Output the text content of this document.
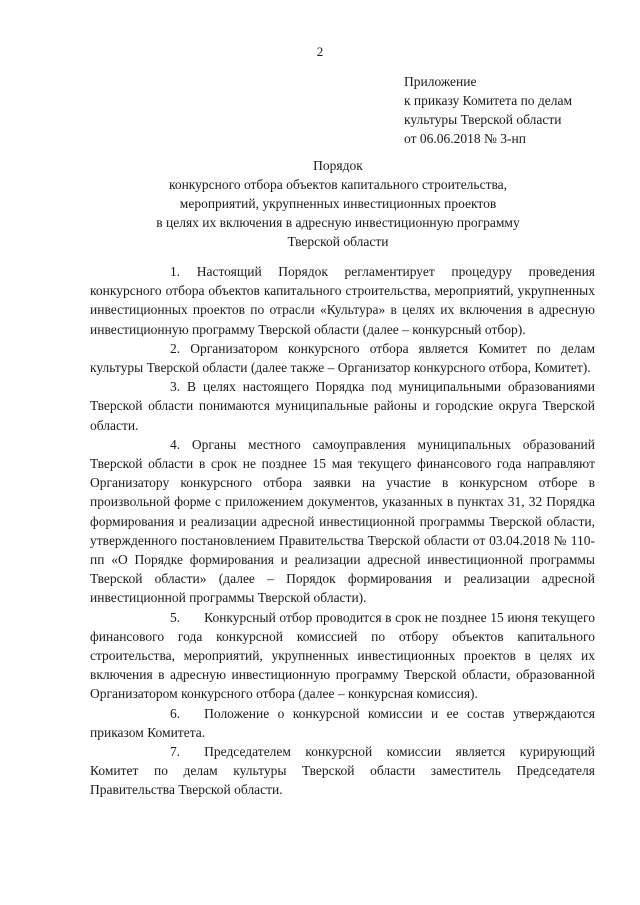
2
Приложение
к приказу Комитета по делам
культуры Тверской области
от 06.06.2018 № 3-нп
Порядок
конкурсного отбора объектов капитального строительства,
мероприятий, укрупненных инвестиционных проектов
в целях их включения в адресную инвестиционную программу
Тверской области

1. Настоящий Порядок регламентирует процедуру проведения конкурсного отбора объектов капитального строительства, мероприятий, укрупненных инвестиционных проектов по отрасли «Культура» в целях их включения в адресную инвестиционную программу Тверской области (далее – конкурсный отбор).

2. Организатором конкурсного отбора является Комитет по делам культуры Тверской области (далее также – Организатор конкурсного отбора, Комитет).

3. В целях настоящего Порядка под муниципальными образованиями Тверской области понимаются муниципальные районы и городские округа Тверской области.

4. Органы местного самоуправления муниципальных образований Тверской области в срок не позднее 15 мая текущего финансового года направляют Организатору конкурсного отбора заявки на участие в конкурсном отборе в произвольной форме с приложением документов, указанных в пунктах 31, 32 Порядка формирования и реализации адресной инвестиционной программы Тверской области, утвержденного постановлением Правительства Тверской области от 03.04.2018 № 110-пп «О Порядке формирования и реализации адресной инвестиционной программы Тверской области» (далее – Порядок формирования и реализации адресной инвестиционной программы Тверской области).

5. Конкурсный отбор проводится в срок не позднее 15 июня текущего финансового года конкурсной комиссией по отбору объектов капитального строительства, мероприятий, укрупненных инвестиционных проектов в целях их включения в адресную инвестиционную программу Тверской области, образованной Организатором конкурсного отбора (далее – конкурсная комиссия).

6. Положение о конкурсной комиссии и ее состав утверждаются приказом Комитета.

7. Председателем конкурсной комиссии является курирующий Комитет по делам культуры Тверской области заместитель Председателя Правительства Тверской области.
